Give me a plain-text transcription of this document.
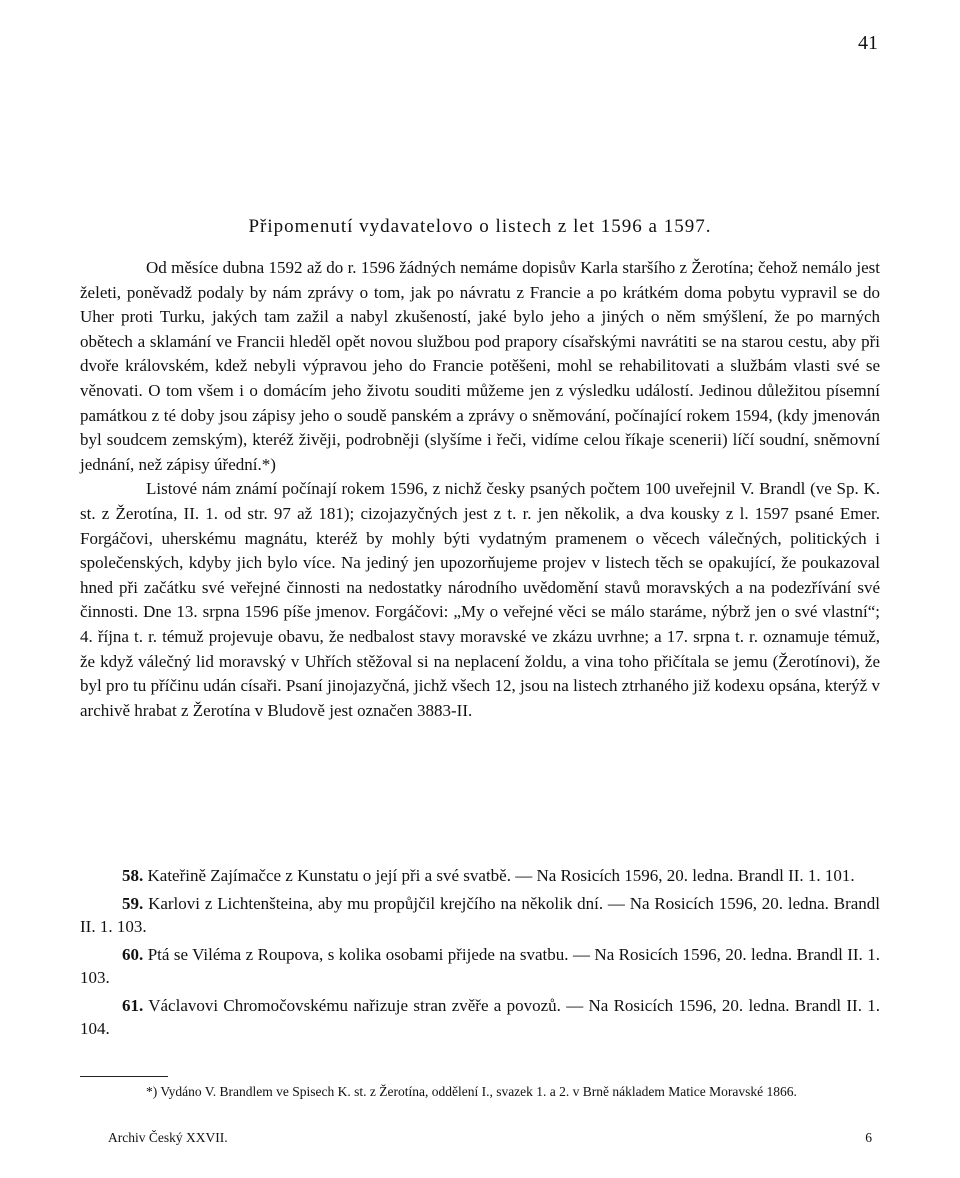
41
Připomenutí vydavatelovo o listech z let 1596 a 1597.

Od měsíce dubna 1592 až do r. 1596 žádných nemáme dopisův Karla staršího z Žerotína; čehož nemálo jest želeti, poněvadž podaly by nám zprávy o tom, jak po návratu z Francie a po krátkém doma pobytu vypravil se do Uher proti Turku, jakých tam zažil a nabyl zkušeností, jaké bylo jeho a jiných o něm smýšlení, že po marných obětech a sklamání ve Francii hleděl opět novou službou pod prapory císařskými navrátiti se na starou cestu, aby při dvoře královském, kdež nebyli výpravou jeho do Francie potěšeni, mohl se rehabilitovati a službám vlasti své se věnovati. O tom všem i o domácím jeho životu souditi můžeme jen z výsledku událostí. Jedinou důležitou písemní památkou z té doby jsou zápisy jeho o soudě panském a zprávy o sněmování, počínající rokem 1594, (kdy jmenován byl soudcem zemským), kteréž živěji, podrobněji (slyšíme i řeči, vidíme celou říkaje scenerii) líčí soudní, sněmovní jednání, než zápisy úřední.*)

Listové nám známí počínají rokem 1596, z nichž česky psaných počtem 100 uveřejnil V. Brandl (ve Sp. K. st. z Žerotína, II. 1. od str. 97 až 181); cizojazyčných jest z t. r. jen několik, a dva kousky z l. 1597 psané Emer. Forgáčovi, uherskému magnátu, kteréž by mohly býti vydatným pramenem o věcech válečných, politických i společenských, kdyby jich bylo více. Na jediný jen upozorňujeme projev v listech těch se opakující, že poukazoval hned při začátku své veřejné činnosti na nedostatky národního uvědomění stavů moravských a na podezřívání své činnosti. Dne 13. srpna 1596 píše jmenov. Forgáčovi: „My o veřejné věci se málo staráme, nýbrž jen o své vlastní“; 4. října t. r. témuž projevuje obavu, že nedbalost stavy moravské ve zkázu uvrhne; a 17. srpna t. r. oznamuje témuž, že když válečný lid moravský v Uhřích stěžoval si na neplacení žoldu, a vina toho přičítala se jemu (Žerotínovi), že byl pro tu příčinu udán císaři. Psaní jinojazyčná, jichž všech 12, jsou na listech ztrhaného již kodexu opsána, kterýž v archivě hrabat z Žerotína v Bludově jest označen 3883-II.

58. Kateřině Zajímačce z Kunstatu o její při a své svatbě. — Na Rosicích 1596, 20. ledna. Brandl II. 1. 101.

59. Karlovi z Lichtenšteina, aby mu propůjčil krejčího na několik dní. — Na Rosicích 1596, 20. ledna. Brandl II. 1. 103.

60. Ptá se Viléma z Roupova, s kolika osobami přijede na svatbu. — Na Rosicích 1596, 20. ledna. Brandl II. 1. 103.

61. Václavovi Chromočovskému nařizuje stran zvěře a povozů. — Na Rosicích 1596, 20. ledna. Brandl II. 1. 104.

*) Vydáno V. Brandlem ve Spisech K. st. z Žerotína, oddělení I., svazek 1. a 2. v Brně nákladem Matice Moravské 1866.
Archiv Český XXVII.	6
